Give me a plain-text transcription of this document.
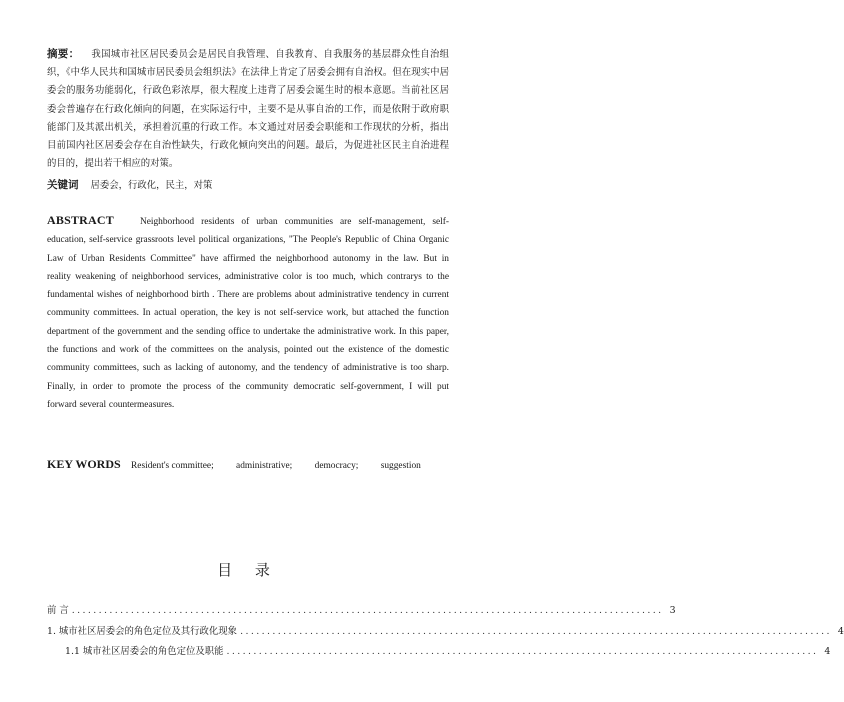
摘要： 我国城市社区居民委员会是居民自我管理、自我教育、自我服务的基层群众性自治组织，《中华人民共和国城市居民委员会组织法》在法律上肯定了居委会拥有自治权。但在现实中居委会的服务功能弱化，行政色彩浓厚，很大程度上违背了居委会诞生时的根本意愿。当前社区居委会普遍存在行政化倾向的问题，在实际运行中，主要不是从事自治的工作，而是依附于政府职能部门及其派出机关，承担着沉重的行政工作。本文通过对居委会职能和工作现状的分析，指出目前国内社区居委会存在自治性缺失，行政化倾向突出的问题。最后，为促进社区民主自治进程的目的，提出若干相应的对策。
关键词 居委会，行政化，民主，对策
ABSTRACT	Neighborhood residents of urban communities are self-management, self-education, self-service grassroots level political organizations, "The People's Republic of China Organic Law of Urban Residents Committee" have affirmed the neighborhood autonomy in the law. But in reality weakening of neighborhood services, administrative color is too much, which contrarys to the fundamental wishes of neighborhood birth . There are problems about administrative tendency in current community committees. In actual operation, the key is not self-service work, but attached the function department of the government and the sending office to undertake the administrative work. In this paper, the functions and work of the committees on the analysis, pointed out the existence of the domestic community committees, such as lacking of autonomy, and the tendency of administrative is too sharp. Finally, in order to promote the process of the community democratic self-government, I will put forward several countermeasures.
KEY WORDS Resident's committee; administrative; democracy; suggestion
目 录
前 言 .............................................................................................................. 3
1. 城市社区居委会的角色定位及其行政化现象 .............................................................................................................. 4
1.1 城市社区居委会的角色定位及职能 .............................................................................................................. 4
